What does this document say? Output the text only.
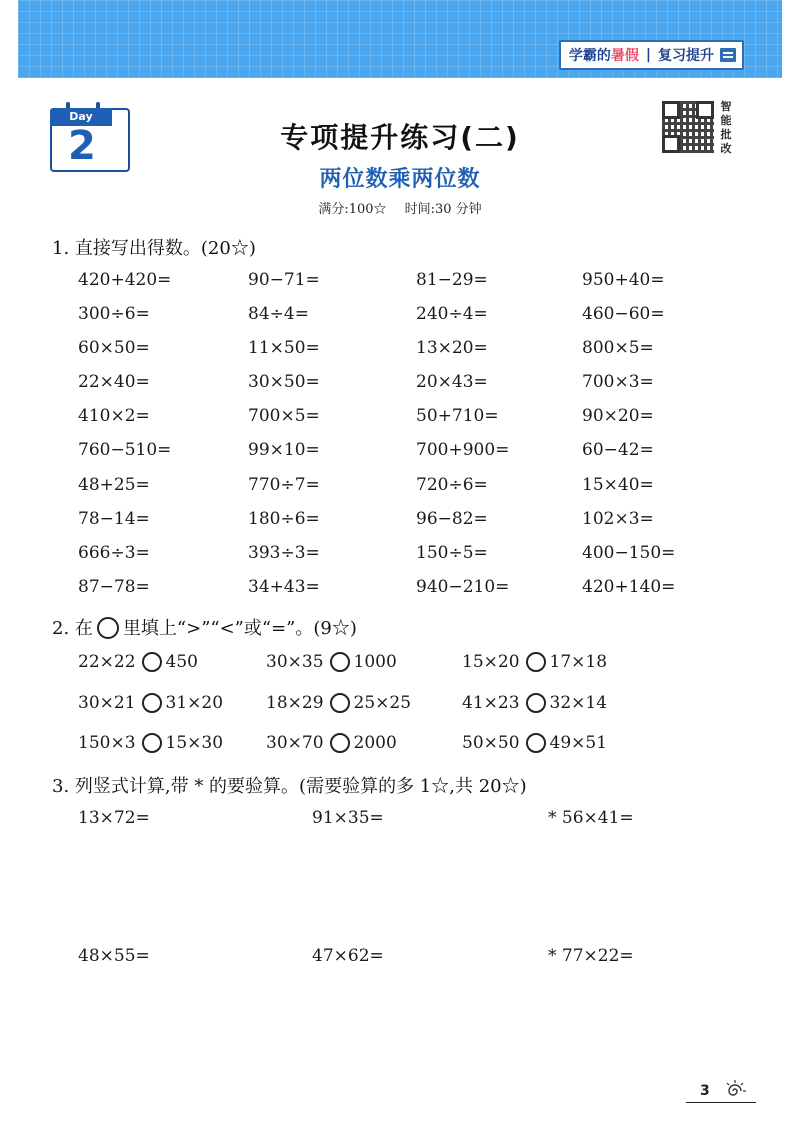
学霸的 暑假 | 复习提升
Day
2	专项提升练习(二)
两位数乘两位数
满分:100☆ 时间:30 分钟
智
能
批
改
1. 直接写出得数。(20☆)
420+420=	90−71=	81−29=	950+40=
300÷6=	84÷4=	240÷4=	460−60=
60×50=	11×50=	13×20=	800×5=
22×40=	30×50=	20×43=	700×3=
410×2=	700×5=	50+710=	90×20=
760−510=	99×10=	700+900=	60−42=
48+25=	770÷7=	720÷6=	15×40=
78−14=	180÷6=	96−82=	102×3=
666÷3=	393÷3=	150÷5=	400−150=
87−78=	34+43=	940−210=	420+140=
2. 在 里填上“>”“<”或“=”。(9☆)
22×22 450	30×35 1000	15×20 17×18
30×21 31×20	18×29 25×25	41×23 32×14
150×3 15×30	30×70 2000	50×50 49×51
3. 列竖式计算,带 * 的要验算。(需要验算的多 1☆,共 20☆)
13×72=	91×35=	* 56×41=
48×55=	47×62=	* 77×22=
3
